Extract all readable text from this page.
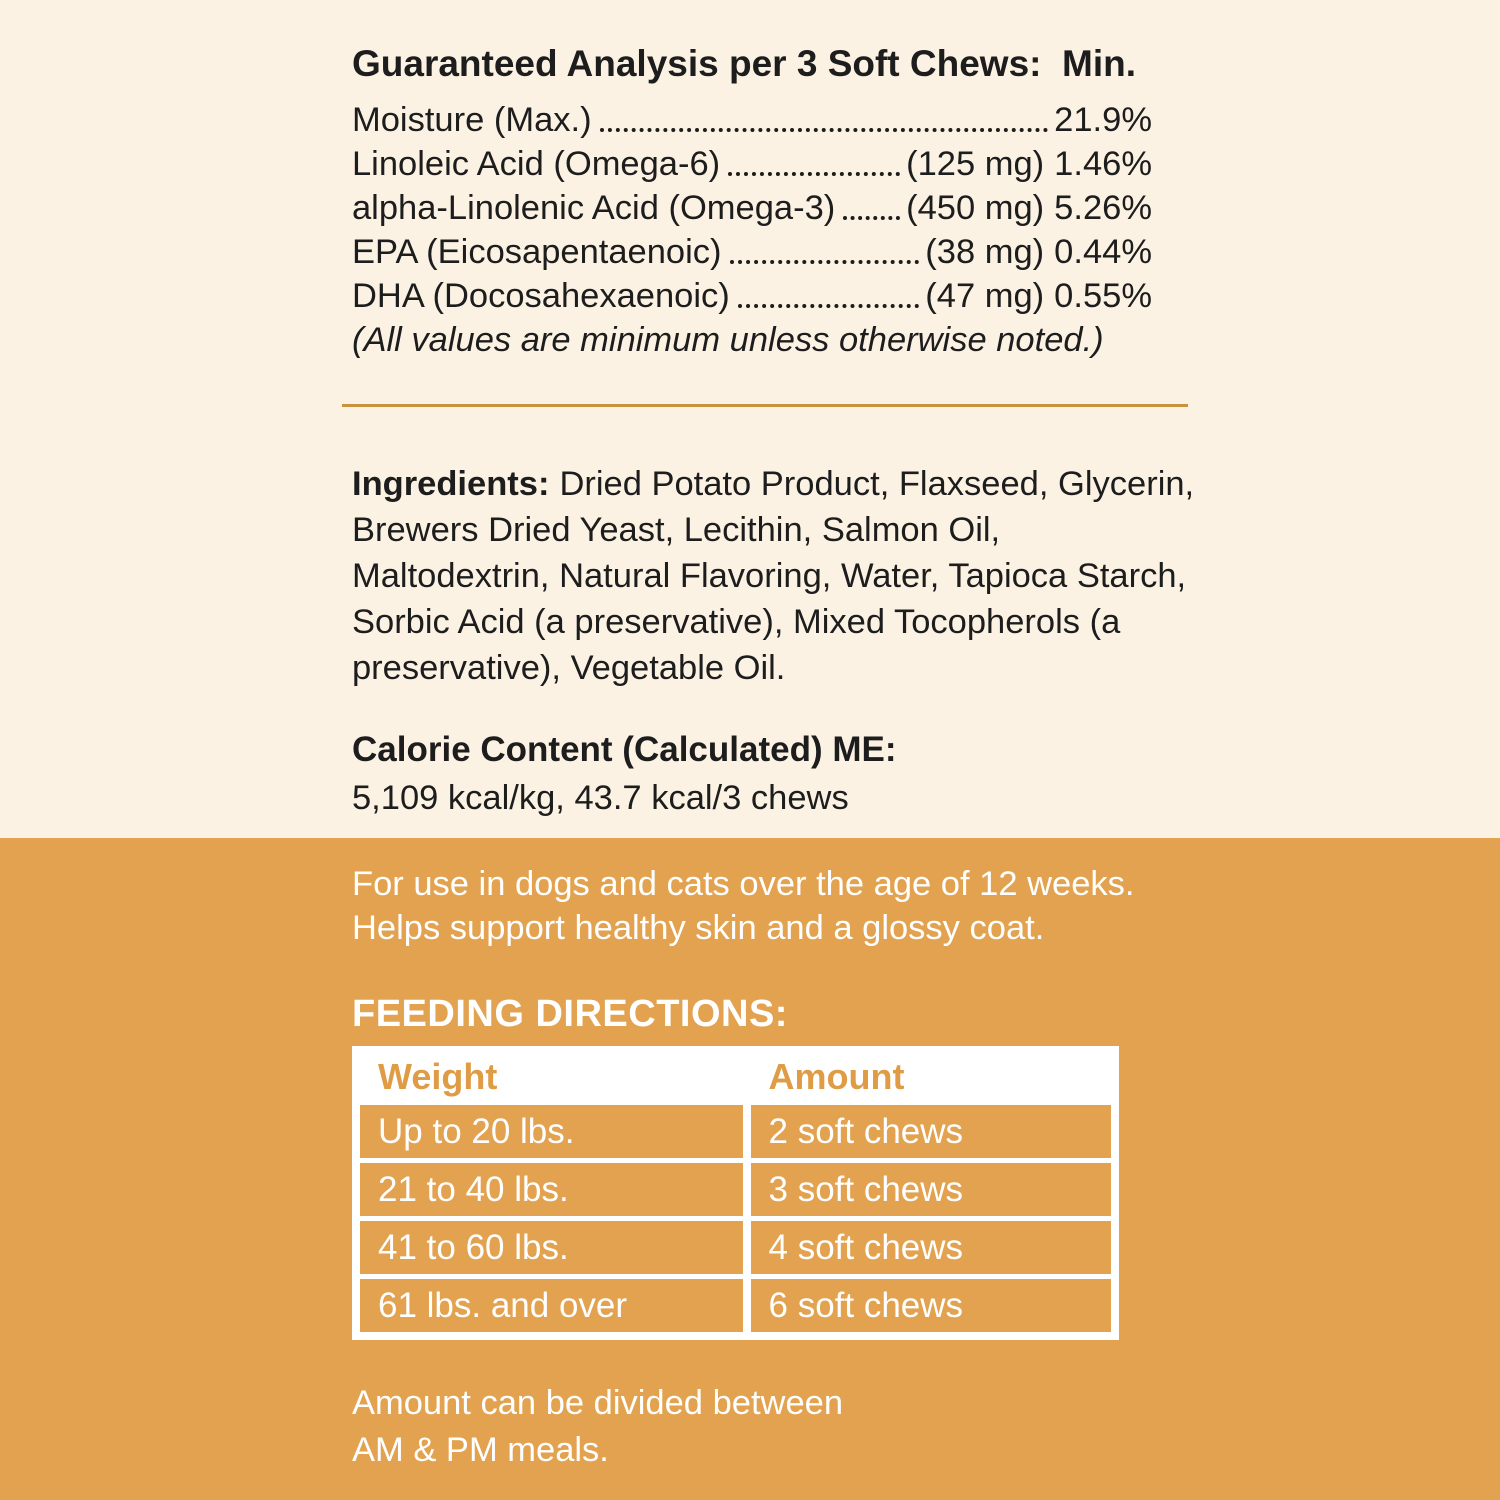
Guaranteed Analysis per 3 Soft Chews: Min.
Moisture (Max.)	21.9%
Linoleic Acid (Omega-6)	(125 mg) 1.46%
alpha-Linolenic Acid (Omega-3) (450 mg) 5.26%
EPA (Eicosapentaenoic)	(38 mg) 0.44%
DHA (Docosahexaenoic)	(47 mg) 0.55%

(All values are minimum unless otherwise noted.)

Ingredients: Dried Potato Product, Flaxseed, Glycerin, Brewers Dried Yeast, Lecithin, Salmon Oil, Maltodextrin, Natural Flavoring, Water, Tapioca Starch, Sorbic Acid (a preservative), Mixed Tocopherols (a preservative), Vegetable Oil.

Calorie Content (Calculated) ME:

5,109 kcal/kg, 43.7 kcal/3 chews

For use in dogs and cats over the age of 12 weeks.
Helps support healthy skin and a glossy coat.
FEEDING DIRECTIONS:
Weight	Amount
Up to 20 lbs.	2 soft chews
21 to 40 lbs.	3 soft chews
41 to 60 lbs.	4 soft chews
61 lbs. and over	6 soft chews
Amount can be divided between
AM & PM meals.
